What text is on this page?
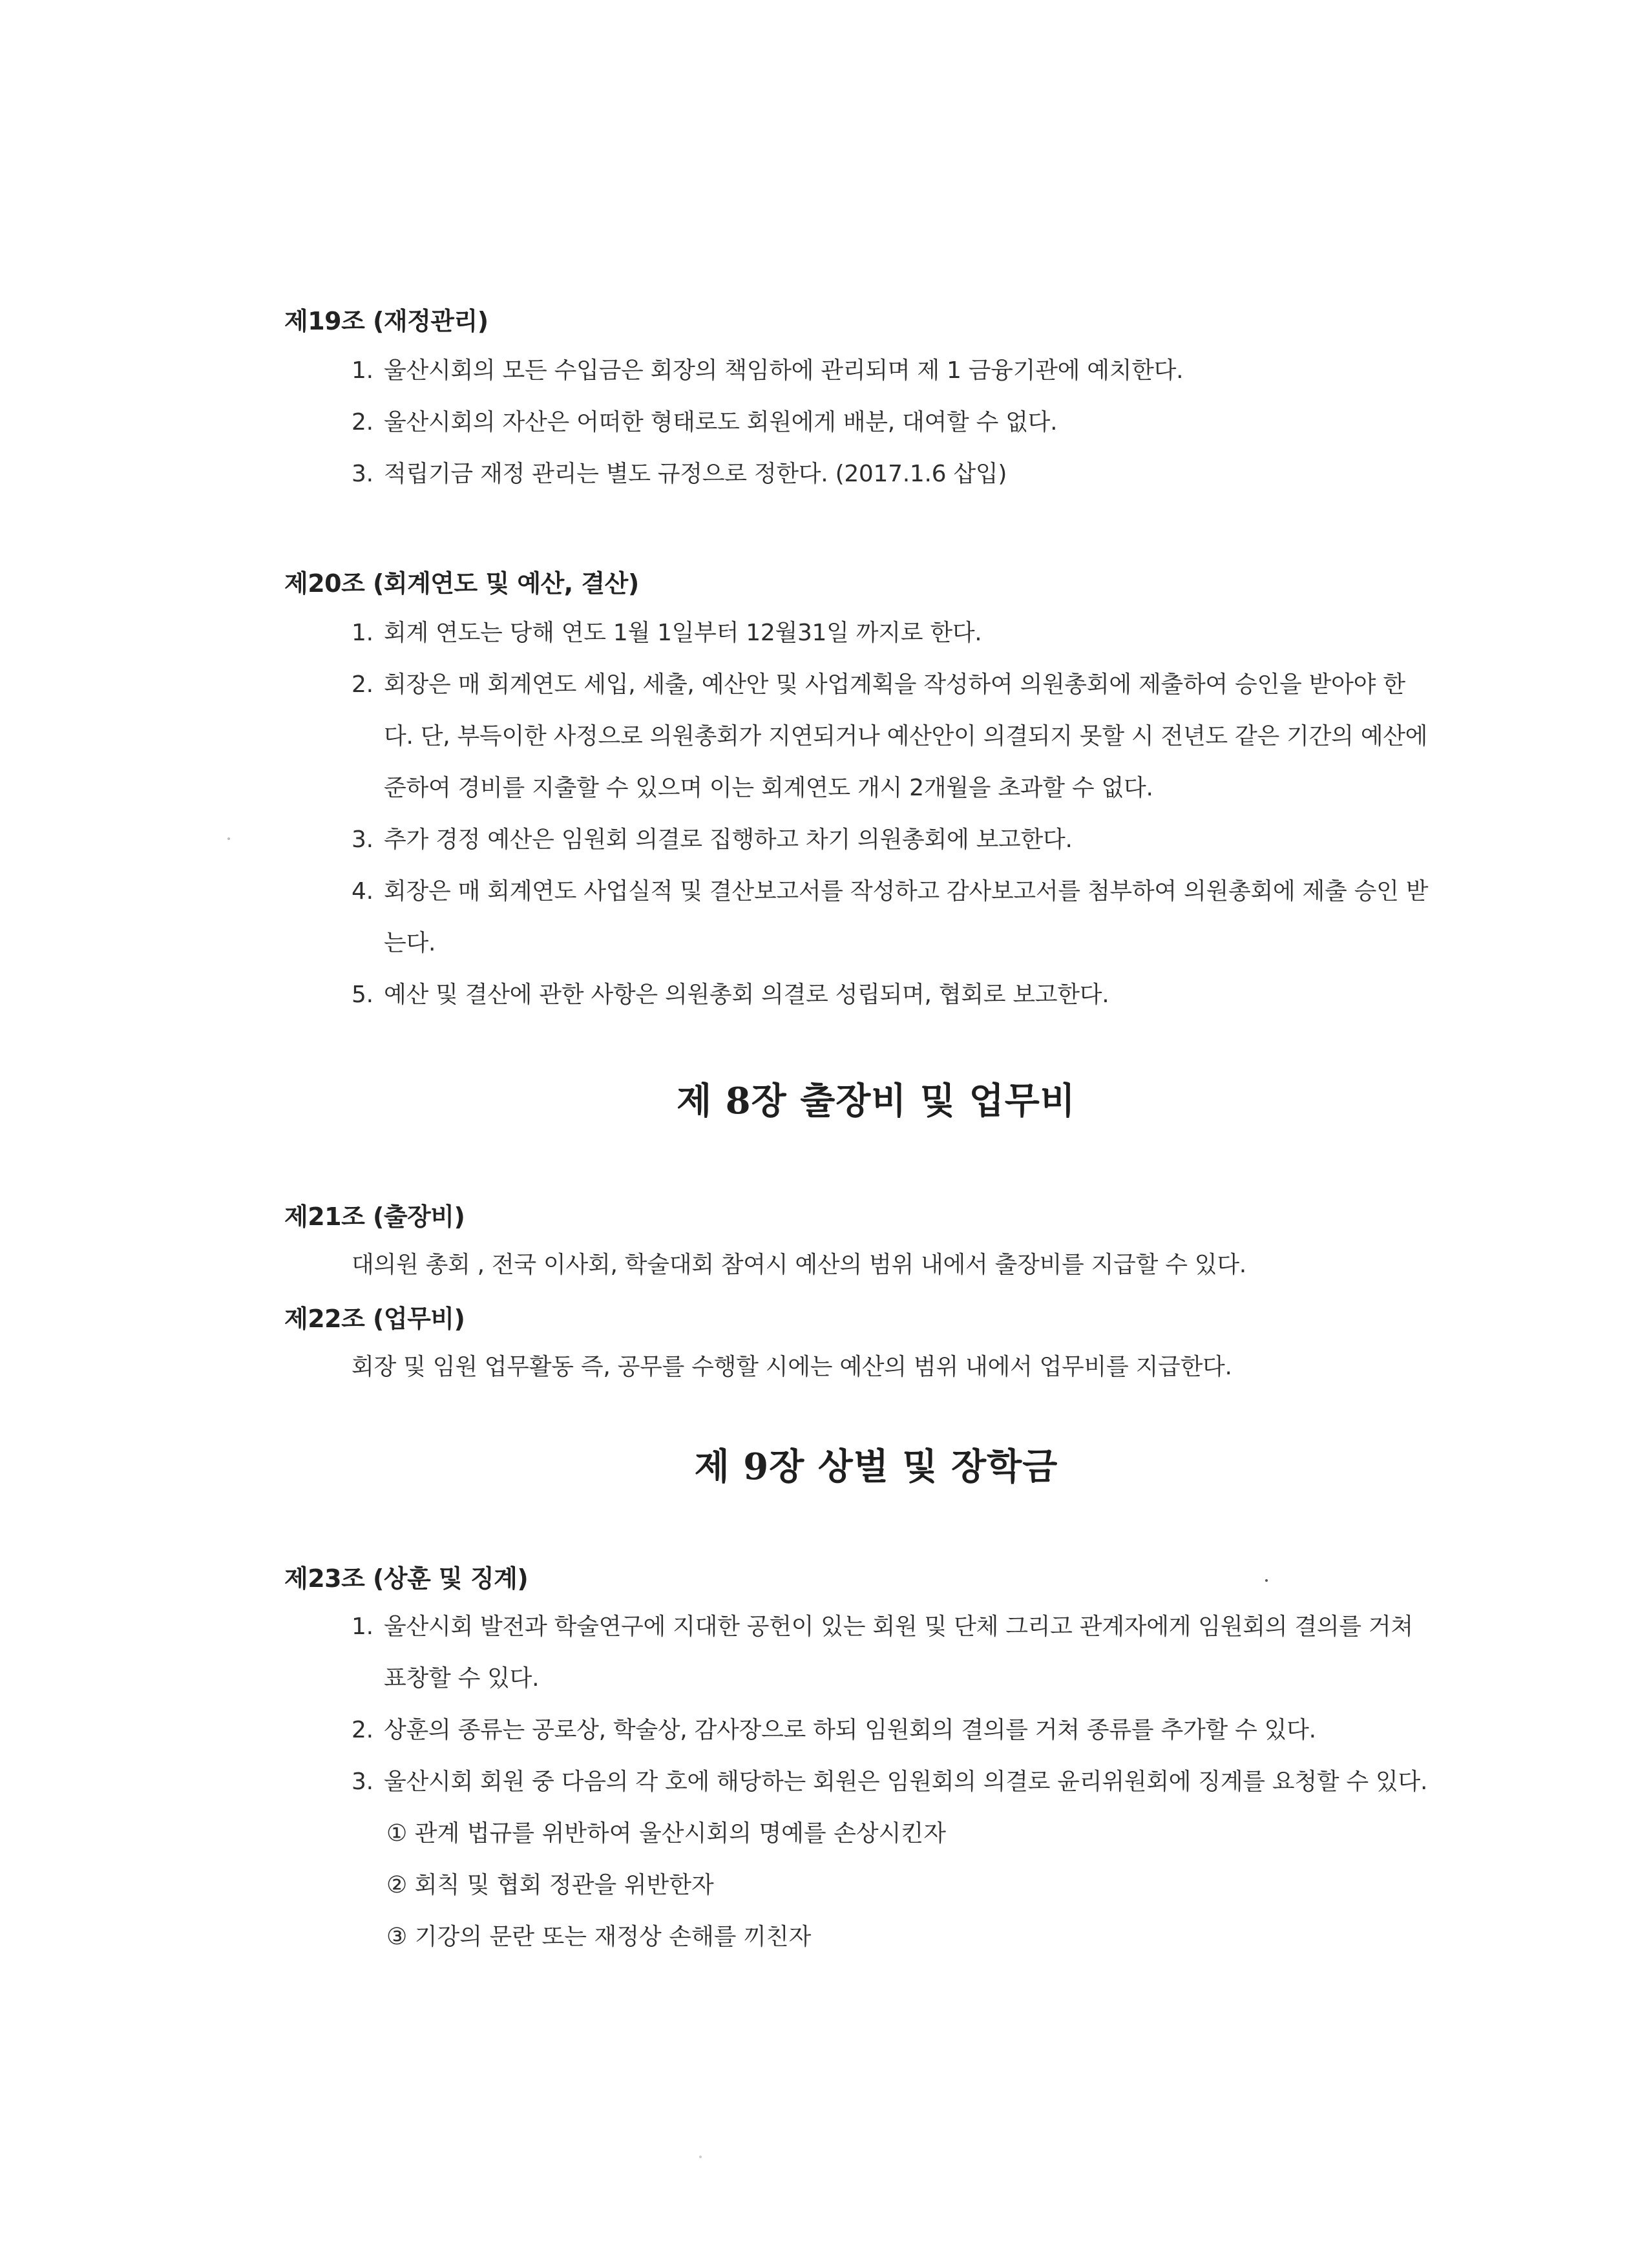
제19조 (재정관리)
1. 울산시회의 모든 수입금은 회장의 책임하에 관리되며 제 1 금융기관에 예치한다.
2. 울산시회의 자산은 어떠한 형태로도 회원에게 배분, 대여할 수 없다.
3. 적립기금 재정 관리는 별도 규정으로 정한다. (2017.1.6 삽입)
제20조 (회계연도 및 예산, 결산)
1. 회계 연도는 당해 연도 1월 1일부터 12월31일 까지로 한다.
2. 회장은 매 회계연도 세입, 세출, 예산안 및 사업계획을 작성하여 의원총회에 제출하여 승인을 받아야 한
다. 단, 부득이한 사정으로 의원총회가 지연되거나 예산안이 의결되지 못할 시 전년도 같은 기간의 예산에
준하여 경비를 지출할 수 있으며 이는 회계연도 개시 2개월을 초과할 수 없다.
3. 추가 경정 예산은 임원회 의결로 집행하고 차기 의원총회에 보고한다.
4. 회장은 매 회계연도 사업실적 및 결산보고서를 작성하고 감사보고서를 첨부하여 의원총회에 제출 승인 받
는다.
5. 예산 및 결산에 관한 사항은 의원총회 의결로 성립되며, 협회로 보고한다.
제 8장 출장비 및 업무비
제21조 (출장비)
대의원 총회 , 전국 이사회, 학술대회 참여시 예산의 범위 내에서 출장비를 지급할 수 있다.
제22조 (업무비)
회장 및 임원 업무활동 즉, 공무를 수행할 시에는 예산의 범위 내에서 업무비를 지급한다.
제 9장 상벌 및 장학금
제23조 (상훈 및 징계)
1. 울산시회 발전과 학술연구에 지대한 공헌이 있는 회원 및 단체 그리고 관계자에게 임원회의 결의를 거쳐
표창할 수 있다.
2. 상훈의 종류는 공로상, 학술상, 감사장으로 하되 임원회의 결의를 거쳐 종류를 추가할 수 있다.
3. 울산시회 회원 중 다음의 각 호에 해당하는 회원은 임원회의 의결로 윤리위원회에 징계를 요청할 수 있다.
① 관계 법규를 위반하여 울산시회의 명예를 손상시킨자
② 회칙 및 협회 정관을 위반한자
③ 기강의 문란 또는 재정상 손해를 끼친자
